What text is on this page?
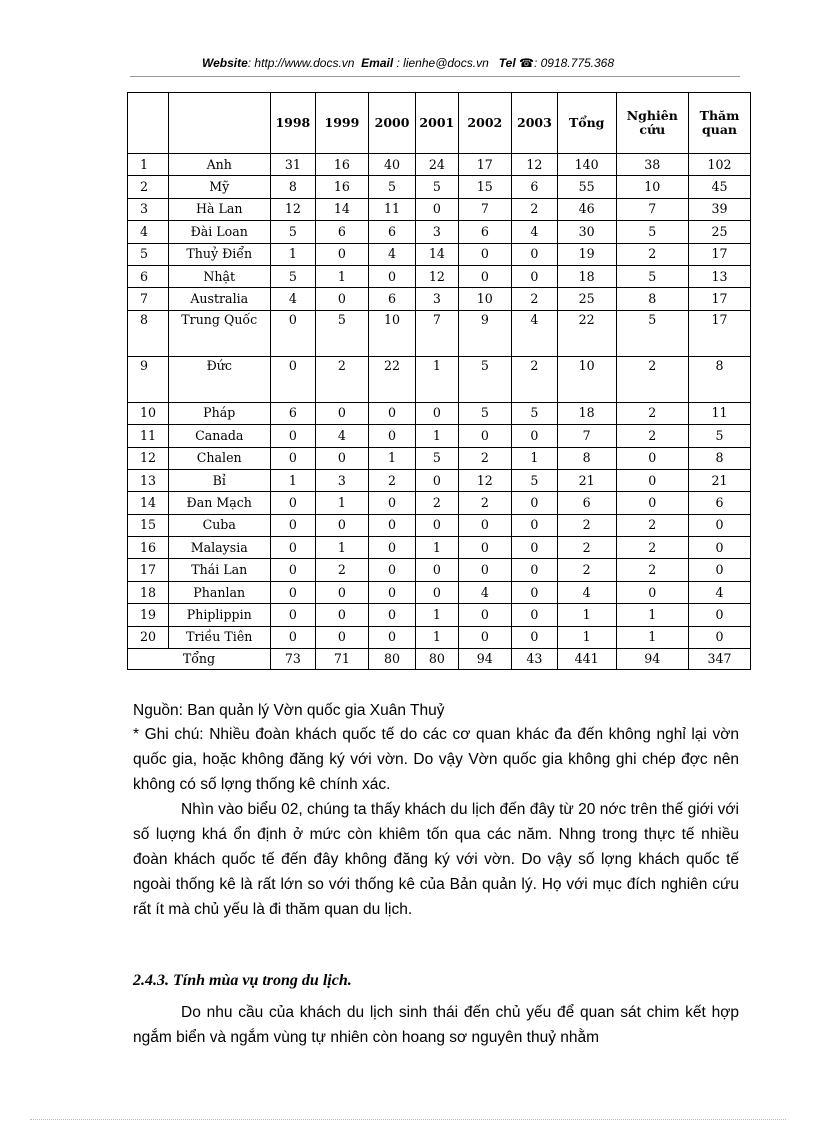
Website: http://www.docs.vn Email : lienhe@docs.vn Tel ☎: 0918.775.368
		1998	1999	2000	2001	2002	2003	Tổng	Nghiên cứu	Thăm quan
1	Anh	31	16	40	24	17	12	140	38	102
2	Mỹ	8	16	5	5	15	6	55	10	45
3	Hà Lan	12	14	11	0	7	2	46	7	39
4	Đài Loan	5	6	6	3	6	4	30	5	25
5	Thuỷ Điển	1	0	4	14	0	0	19	2	17
6	Nhật	5	1	0	12	0	0	18	5	13
7	Australia	4	0	6	3	10	2	25	8	17
8	Trung Quốc	0	5	10	7	9	4	22	5	17
9	Đức	0	2	22	1	5	2	10	2	8
10	Pháp	6	0	0	0	5	5	18	2	11
11	Canada	0	4	0	1	0	0	7	2	5
12	Chalen	0	0	1	5	2	1	8	0	8
13	Bỉ	1	3	2	0	12	5	21	0	21
14	Đan Mạch	0	1	0	2	2	0	6	0	6
15	Cuba	0	0	0	0	0	0	2	2	0
16	Malaysia	0	1	0	1	0	0	2	2	0
17	Thái Lan	0	2	0	0	0	0	2	2	0
18	Phanlan	0	0	0	0	4	0	4	0	4
19	Phiplippin	0	0	0	1	0	0	1	1	0
20	Triều Tiên	0	0	0	1	0	0	1	1	0
Tổng		73	71	80	80	94	43	441	94	347
Nguồn: Ban quản lý Vờn quốc gia Xuân Thuỷ
* Ghi chú: Nhiều đoàn khách quốc tế do các cơ quan khác đa đến không nghỉ lại vờn quốc gia, hoặc không đăng ký với vờn. Do vậy Vờn quốc gia không ghi chép đợc nên không có số lợng thống kê chính xác.
Nhìn vào biểu 02, chúng ta thấy khách du lịch đến đây từ 20 nớc trên thế giới với số luợng khá ổn định ở mức còn khiêm tốn qua các năm. Nhng trong thực tế nhiều đoàn khách quốc tế đến đây không đăng ký với vờn. Do vậy số lợng khách quốc tế ngoài thống kê là rất lớn so với thống kê của Bản quản lý. Họ với mục đích nghiên cứu rất ít mà chủ yếu là đi thăm quan du lịch.
2.4.3. Tính mùa vụ trong du lịch.
Do nhu cầu của khách du lịch sinh thái đến chủ yếu để quan sát chim kết hợp ngắm biển và ngắm vùng tự nhiên còn hoang sơ nguyên thuỷ nhằm
